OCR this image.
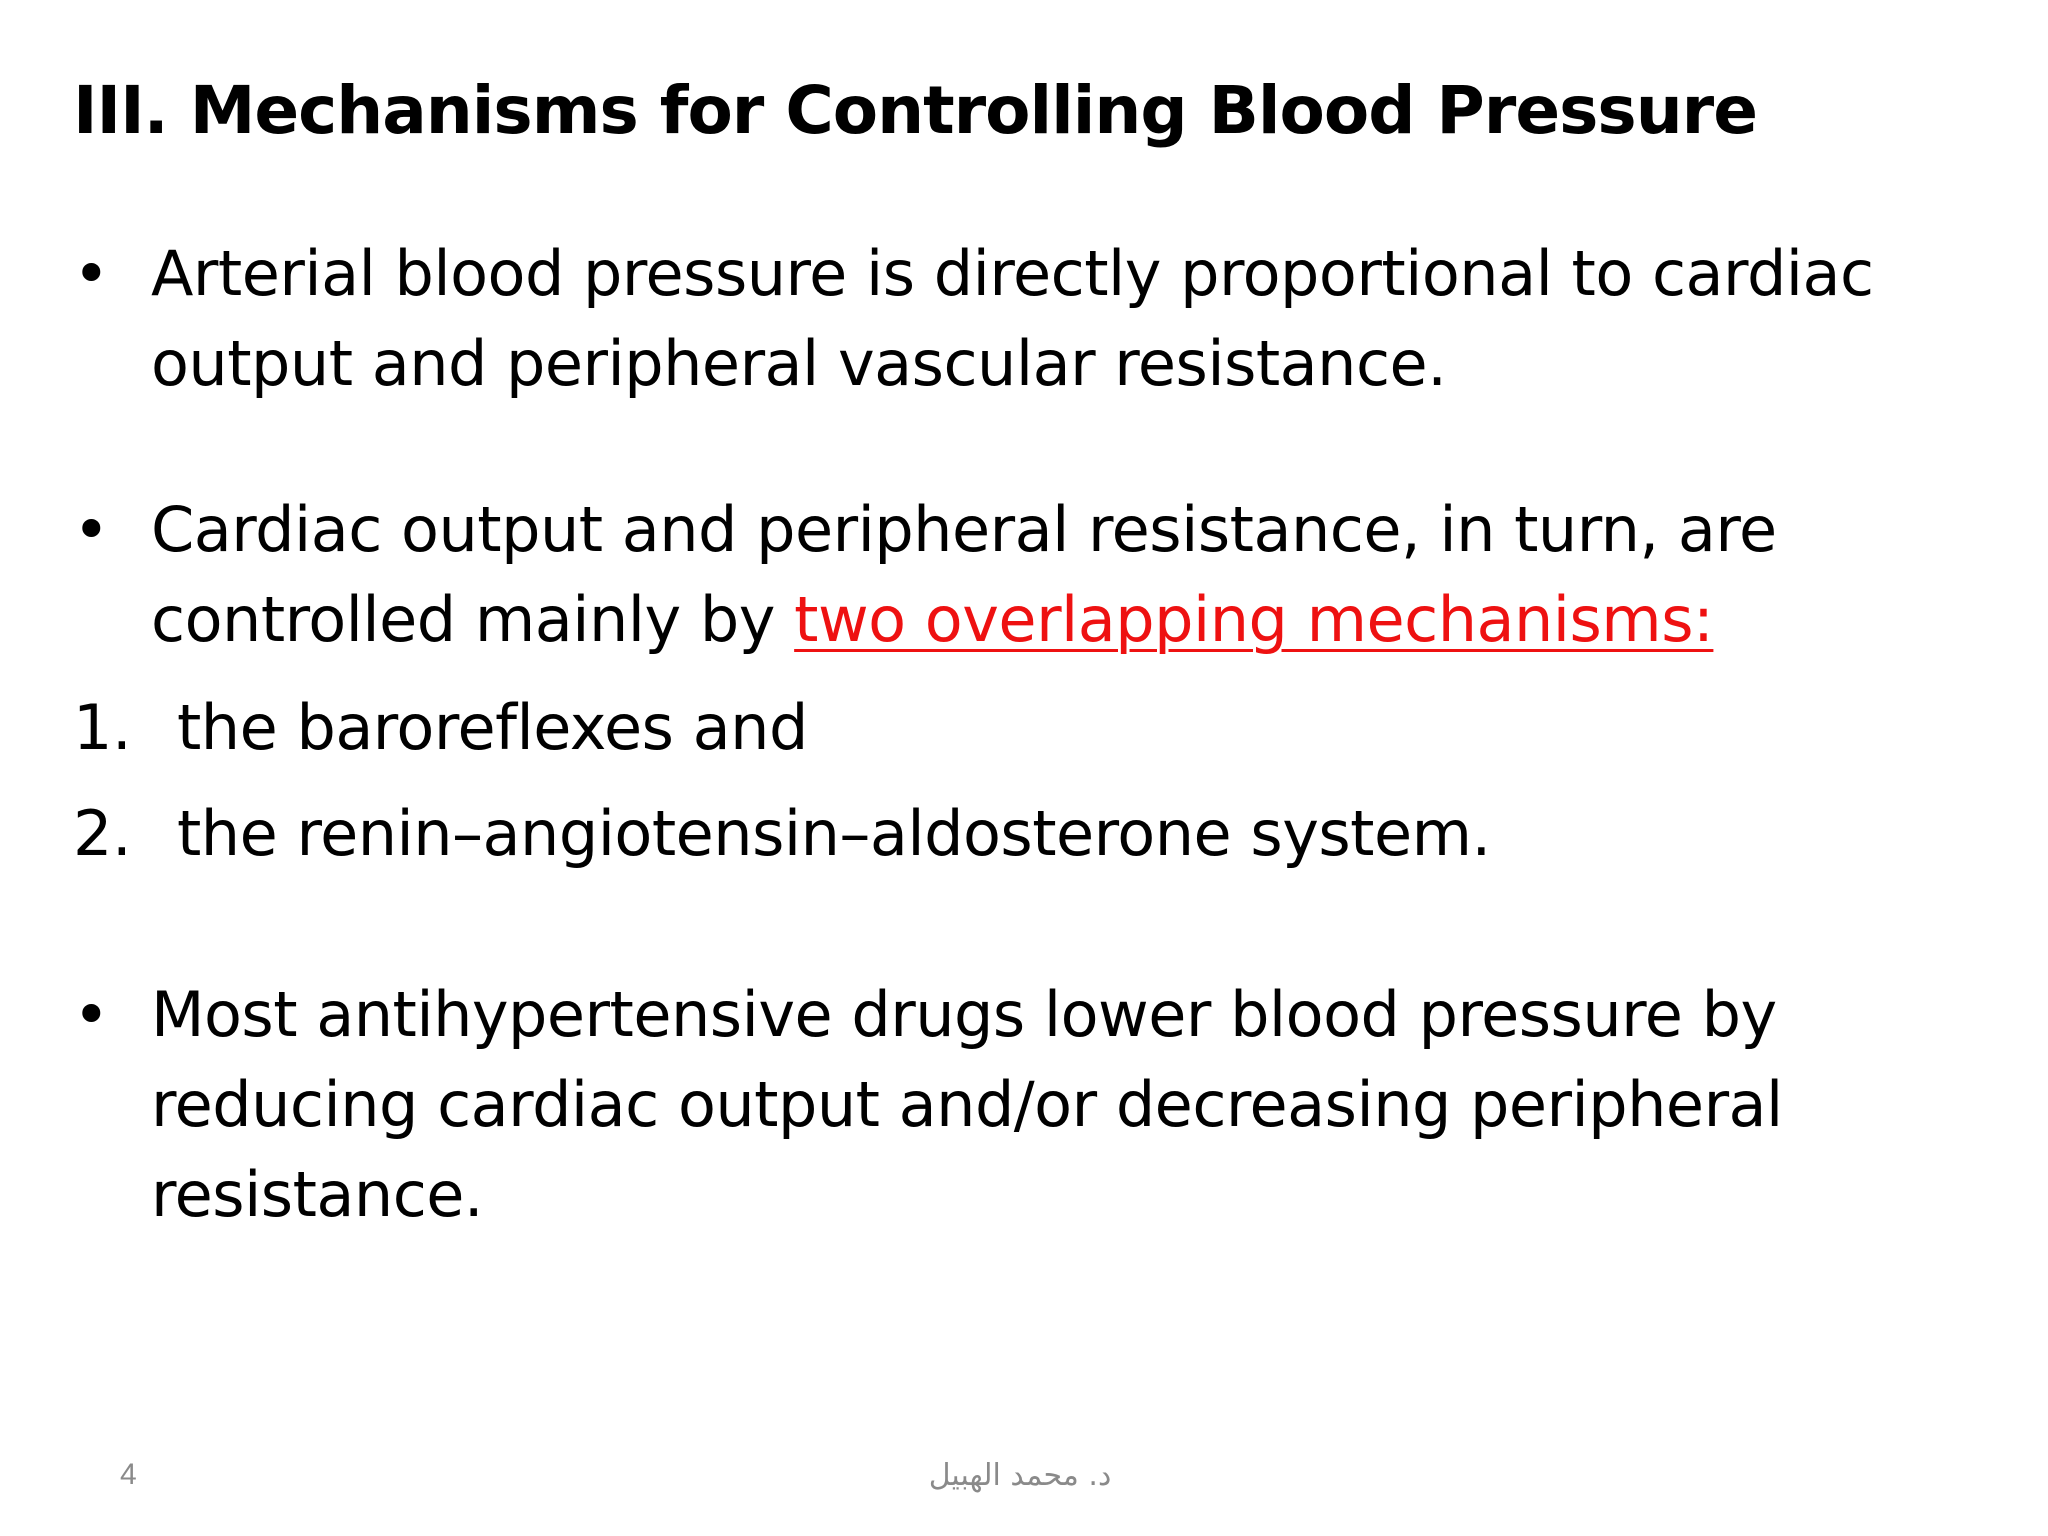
III. Mechanisms for Controlling Blood Pressure
• Arterial blood pressure is directly proportional to cardiac
output and peripheral vascular resistance.
• Cardiac output and peripheral resistance, in turn, are
controlled mainly by two overlapping mechanisms:
1. the baroreflexes and
2. the renin–angiotensin–aldosterone system.
• Most antihypertensive drugs lower blood pressure by
reducing cardiac output and/or decreasing peripheral
resistance.
4	د. محمد الهبيل
